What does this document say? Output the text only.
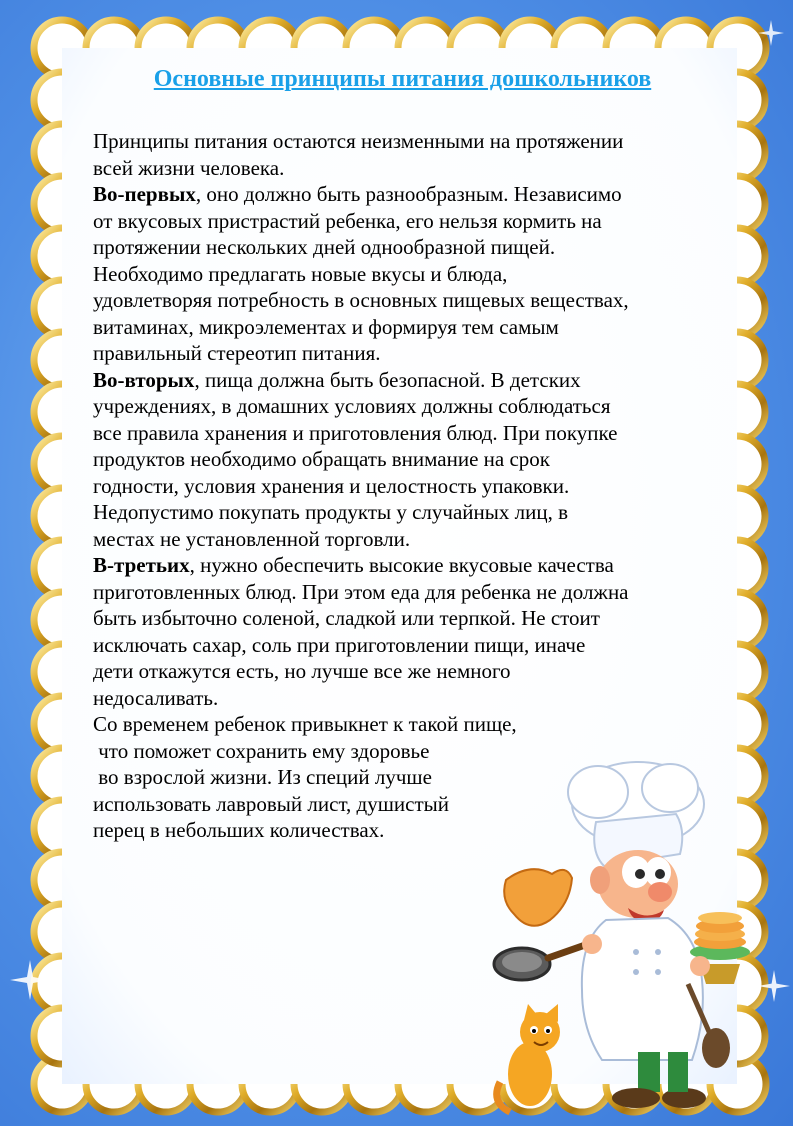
Основные принципы питания дошкольников

Принципы питания остаются неизменными на протяжении

всей жизни человека.

Во-первых, оно должно быть разнообразным. Независимо

от вкусовых пристрастий ребенка, его нельзя кормить на

протяжении нескольких дней однообразной пищей.

Необходимо предлагать новые вкусы и блюда,

удовлетворяя потребность в основных пищевых веществах,

витаминах, микроэлементах и формируя тем самым

правильный стереотип питания.

Во-вторых, пища должна быть безопасной. В детских

учреждениях, в домашних условиях должны соблюдаться

все правила хранения и приготовления блюд. При покупке

продуктов необходимо обращать внимание на срок

годности, условия хранения и целостность упаковки.

Недопустимо покупать продукты у случайных лиц, в

местах не установленной торговли.

В-третьих, нужно обеспечить высокие вкусовые качества

приготовленных блюд. При этом еда для ребенка не должна

быть избыточно соленой, сладкой или терпкой. Не стоит

исключать сахар, соль при приготовлении пищи, иначе

дети откажутся есть, но лучше все же немного

недосаливать.

Со временем ребенок привыкнет к такой пище,

что поможет сохранить ему здоровье

во взрослой жизни. Из специй лучше

использовать лавровый лист, душистый

перец в небольших количествах.
